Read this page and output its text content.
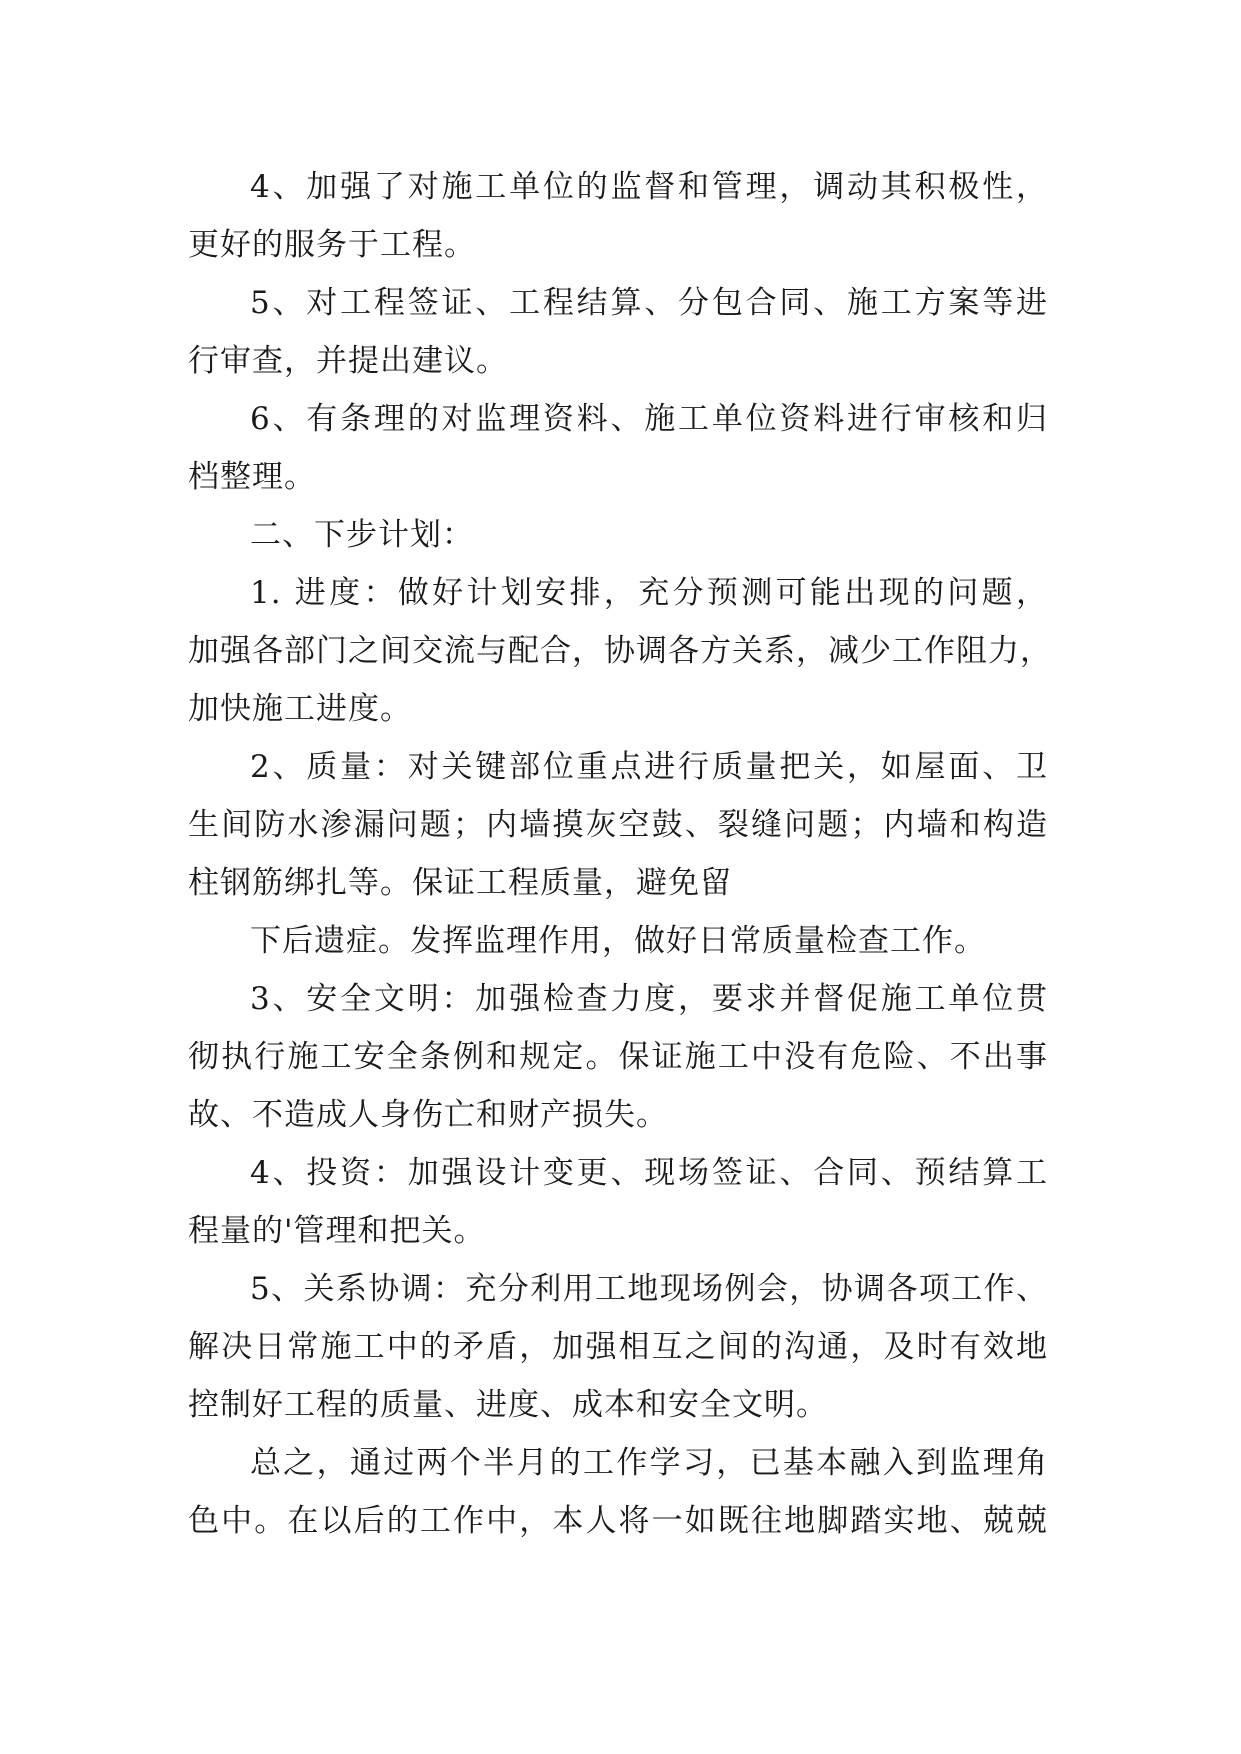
4、加强了对施工单位的监督和管理，调动其积极性，
更好的服务于工程。
5、对工程签证、工程结算、分包合同、施工方案等进
行审查，并提出建议。
6、有条理的对监理资料、施工单位资料进行审核和归
档整理。
二、下步计划：
1. 进度：做好计划安排，充分预测可能出现的问题，
加强各部门之间交流与配合，协调各方关系，减少工作阻力，
加快施工进度。
2、质量：对关键部位重点进行质量把关，如屋面、卫
生间防水渗漏问题；内墙摸灰空鼓、裂缝问题；内墙和构造
柱钢筋绑扎等。保证工程质量，避免留
下后遗症。发挥监理作用，做好日常质量检查工作。
3、安全文明：加强检查力度，要求并督促施工单位贯
彻执行施工安全条例和规定。保证施工中没有危险、不出事
故、不造成人身伤亡和财产损失。
4、投资：加强设计变更、现场签证、合同、预结算工
程量的'管理和把关。
5、关系协调：充分利用工地现场例会，协调各项工作、
解决日常施工中的矛盾，加强相互之间的沟通，及时有效地
控制好工程的质量、进度、成本和安全文明。
总之，通过两个半月的工作学习，已基本融入到监理角
色中。在以后的工作中，本人将一如既往地脚踏实地、兢兢
